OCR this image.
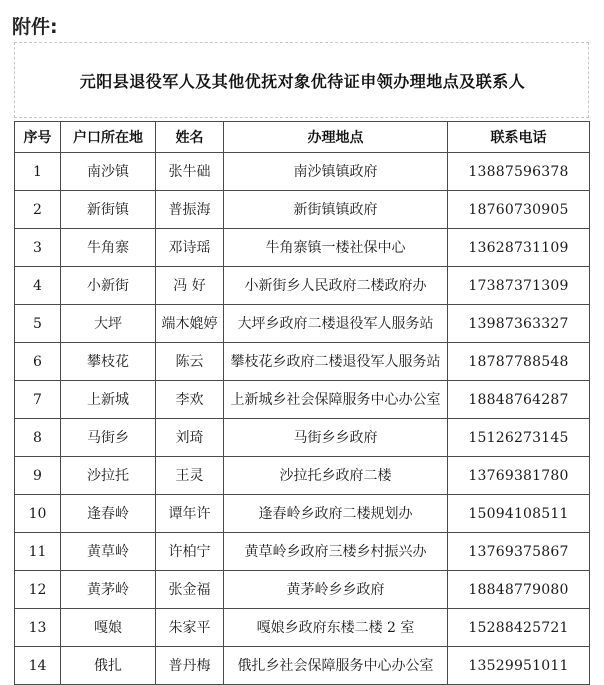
附件:
元阳县退役军人及其他优抚对象优待证申领办理地点及联系人
序号	户口所在地	姓名	办理地点	联系电话
1	南沙镇	张牛础	南沙镇镇政府	13887596378
2	新街镇	普振海	新街镇镇政府	18760730905
3	牛角寨	邓诗瑶	牛角寨镇一楼社保中心	13628731109
4	小新街	冯 好	小新街乡人民政府二楼政府办	17387371309
5	大坪	端木媲婷	大坪乡政府二楼退役军人服务站	13987363327
6	攀枝花	陈云	攀枝花乡政府二楼退役军人服务站	18787788548
7	上新城	李欢	上新城乡社会保障服务中心办公室	18848764287
8	马街乡	刘琦	马街乡乡政府	15126273145
9	沙拉托	王灵	沙拉托乡政府二楼	13769381780
10	逢春岭	谭年许	逢春岭乡政府二楼规划办	15094108511
11	黄草岭	许柏宁	黄草岭乡政府三楼乡村振兴办	13769375867
12	黄茅岭	张金福	黄茅岭乡乡政府	18848779080
13	嘎娘	朱家平	嘎娘乡政府东楼二楼 2 室	15288425721
14	俄扎	普丹梅	俄扎乡社会保障服务中心办公室	13529951011
